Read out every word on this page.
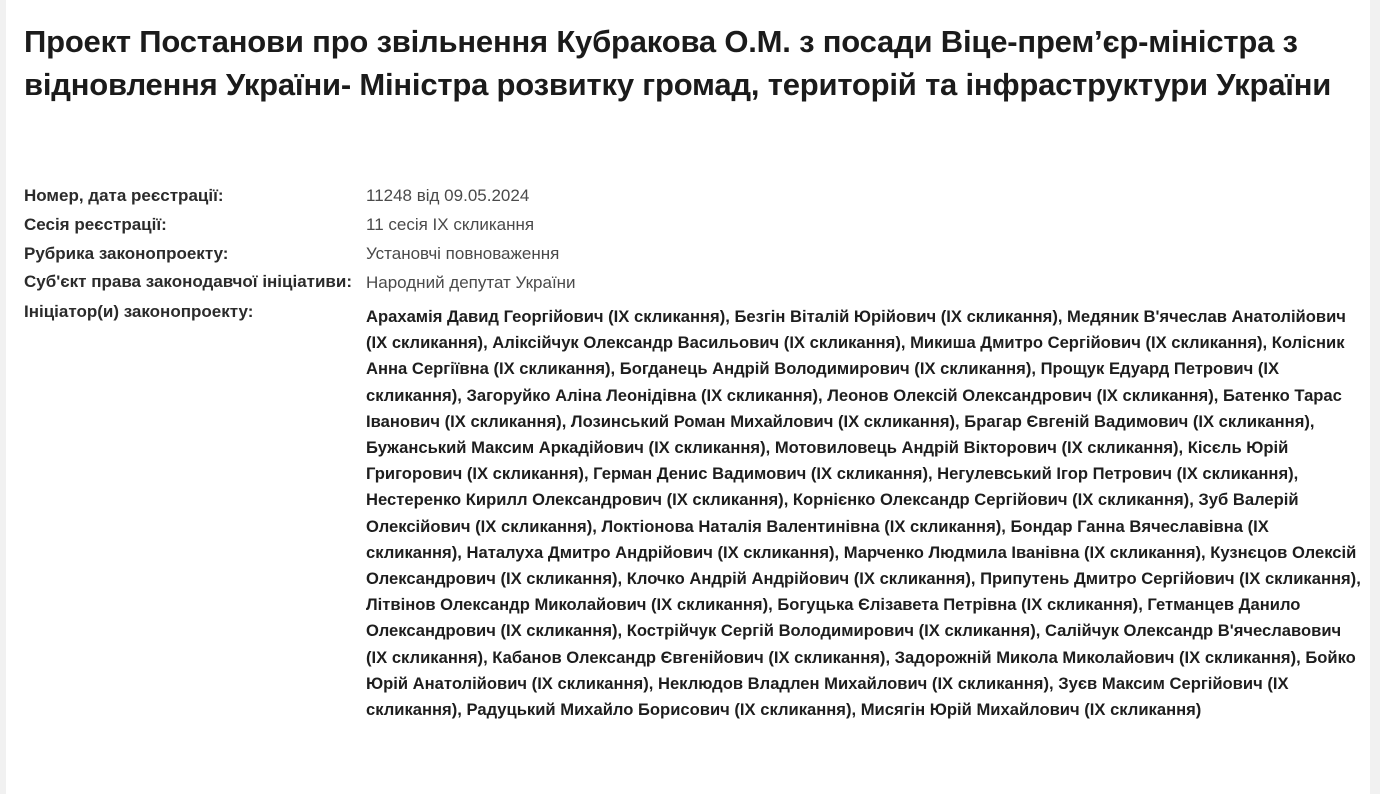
Проект Постанови про звільнення Кубракова О.М. з посади Віце-прем’єр-міністра з відновлення України- Міністра розвитку громад, територій та інфраструктури України
Номер, дата реєстрації:	11248 від 09.05.2024
Сесія реєстрації:	11 сесія IX скликання
Рубрика законопроекту:	Установчі повноваження
Суб'єкт права законодавчої ініціативи: Народний депутат України
Ініціатор(и) законопроекту:	Арахамія Давид Георгійович (IX скликання), Безгін Віталій Юрійович (IX скликання), Медяник В'ячеслав Анатолійович (IX скликання), Аліксійчук Олександр Васильович (IX скликання), Микиша Дмитро Сергійович (IX скликання), Колісник Анна Сергіївна (IX скликання), Богданець Андрій Володимирович (IX скликання), Прощук Едуард Петрович (IX скликання), Загоруйко Аліна Леонідівна (IX скликання), Леонов Олексій Олександрович (IX скликання), Батенко Тарас Іванович (IX скликання), Лозинський Роман Михайлович (IX скликання), Брагар Євгеній Вадимович (IX скликання), Бужанський Максим Аркадійович (IX скликання), Мотовиловець Андрій Вікторович (IX скликання), Кісєль Юрій Григорович (IX скликання), Герман Денис Вадимович (IX скликання), Негулевський Ігор Петрович (IX скликання), Нестеренко Кирилл Олександрович (IX скликання), Корнієнко Олександр Сергійович (IX скликання), Зуб Валерій Олексійович (IX скликання), Локтіонова Наталія Валентинівна (IX скликання), Бондар Ганна Вячеславівна (IX скликання), Наталуха Дмитро Андрійович (IX скликання), Марченко Людмила Іванівна (IX скликання), Кузнєцов Олексій Олександрович (IX скликання), Клочко Андрій Андрійович (IX скликання), Припутень Дмитро Сергійович (IX скликання), Літвінов Олександр Миколайович (IX скликання), Богуцька Єлізавета Петрівна (IX скликання), Гетманцев Данило Олександрович (IX скликання), Кострійчук Сергій Володимирович (IX скликання), Салійчук Олександр В'ячеславович (IX скликання), Кабанов Олександр Євгенійович (IX скликання), Задорожній Микола Миколайович (IX скликання), Бойко Юрій Анатолійович (IX скликання), Неклюдов Владлен Михайлович (IX скликання), Зуєв Максим Сергійович (IX скликання), Радуцький Михайло Борисович (IX скликання), Мисягін Юрій Михайлович (IX скликання)
